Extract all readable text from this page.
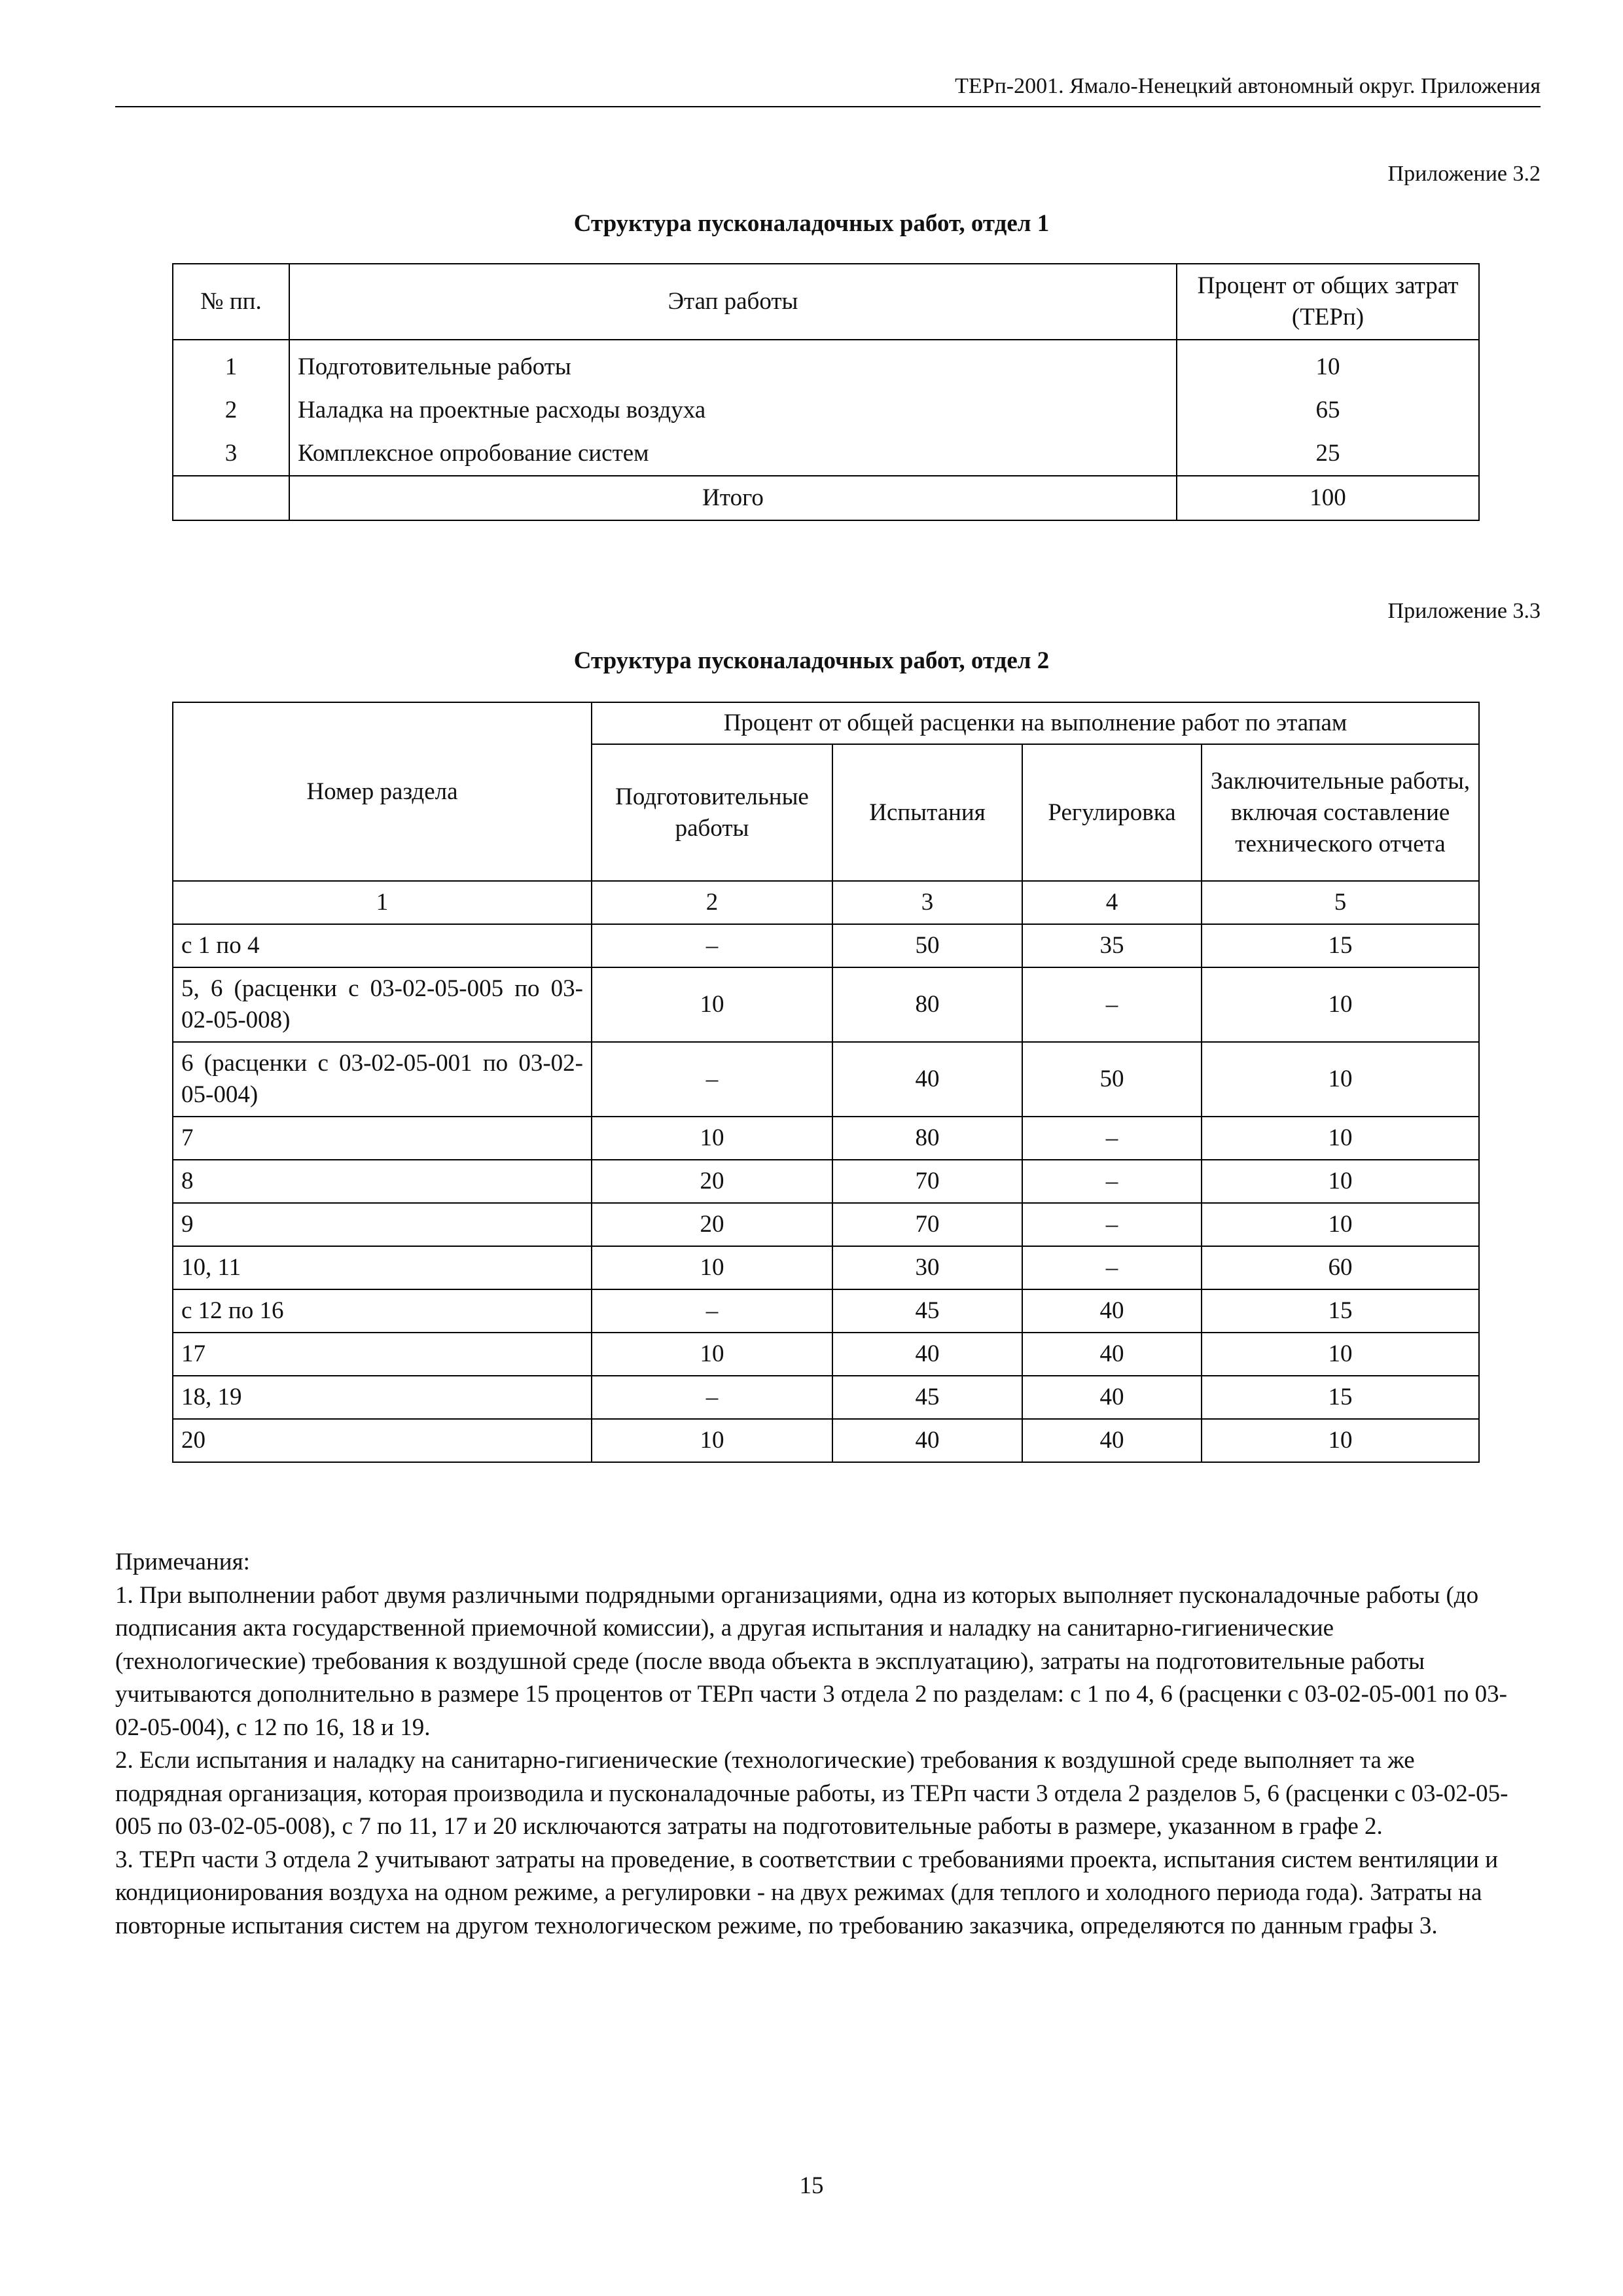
ТЕРп-2001. Ямало-Ненецкий автономный округ. Приложения
Приложение 3.2
Структура пусконаладочных работ, отдел 1
№ пп.	Этап работы	Процент от общих затрат (ТЕРп)
1	Подготовительные работы	10
2	Наладка на проектные расходы воздуха	65
3	Комплексное опробование систем	25
	Итого	100
Приложение 3.3
Структура пусконаладочных работ, отдел 2
Номер раздела	Процент от общей расценки на выполнение работ по этапам			
	Подготовительные работы	Испытания	Регулировка	Заключительные работы, включая составление технического отчета
1	2	3	4	5
с 1 по 4	–	50	35	15

5, 6 (расценки с 03-02-05-005 по 03-02-05-008)	10	80	–	10

6 (расценки с 03-02-05-001 по 03-02-05-004)	–	40	50	10
7	10	80	–	10
8	20	70	–	10
9	20	70	–	10
10, 11	10	30	–	60
с 12 по 16	–	45	40	15
17	10	40	40	10
18, 19	–	45	40	15
20	10	40	40	10

Примечания:

1. При выполнении работ двумя различными подрядными организациями, одна из которых выполняет пусконаладочные работы (до подписания акта государственной приемочной комиссии), а другая испытания и наладку на санитарно-гигиенические (технологические) требования к воздушной среде (после ввода объекта в эксплуатацию), затраты на подготовительные работы учитываются дополнительно в размере 15 процентов от ТЕРп части 3 отдела 2 по разделам: с 1 по 4, 6 (расценки с 03-02-05-001 по 03-02-05-004), с 12 по 16, 18 и 19.

2. Если испытания и наладку на санитарно-гигиенические (технологические) требования к воздушной среде выполняет та же подрядная организация, которая производила и пусконаладочные работы, из ТЕРп части 3 отдела 2 разделов 5, 6 (расценки с 03-02-05-005 по 03-02-05-008), с 7 по 11, 17 и 20 исключаются затраты на подготовительные работы в размере, указанном в графе 2.

3. ТЕРп части 3 отдела 2 учитывают затраты на проведение, в соответствии с требованиями проекта, испытания систем вентиляции и кондиционирования воздуха на одном режиме, а регулировки - на двух режимах (для теплого и холодного периода года). Затраты на повторные испытания систем на другом технологическом режиме, по требованию заказчика, определяются по данным графы 3.

15
